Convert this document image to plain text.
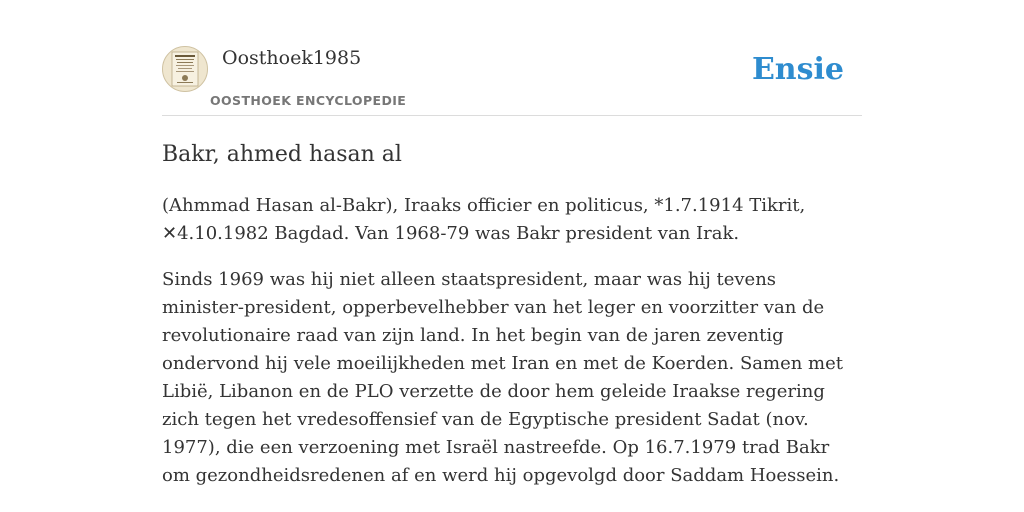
Oosthoek1985
OOSTHOEK ENCYCLOPEDIE
Ensie
Bakr, ahmed hasan al

(Ahmmad Hasan al-Bakr), Iraaks officier en politicus, *1.7.1914 Tikrit, ✕4.10.1982 Bagdad. Van 1968-79 was Bakr president van Irak.

Sinds 1969 was hij niet alleen staatspresident, maar was hij tevens minister-president, opperbevelhebber van het leger en voorzitter van de revolutionaire raad van zijn land. In het begin van de jaren zeventig ondervond hij vele moeilijkheden met Iran en met de Koerden. Samen met Libië, Libanon en de PLO verzette de door hem geleide Iraakse regering zich tegen het vredesoffensief van de Egyptische president Sadat (nov. 1977), die een verzoening met Israël nastreefde. Op 16.7.1979 trad Bakr om gezondheidsredenen af en werd hij opgevolgd door Saddam Hoessein.
